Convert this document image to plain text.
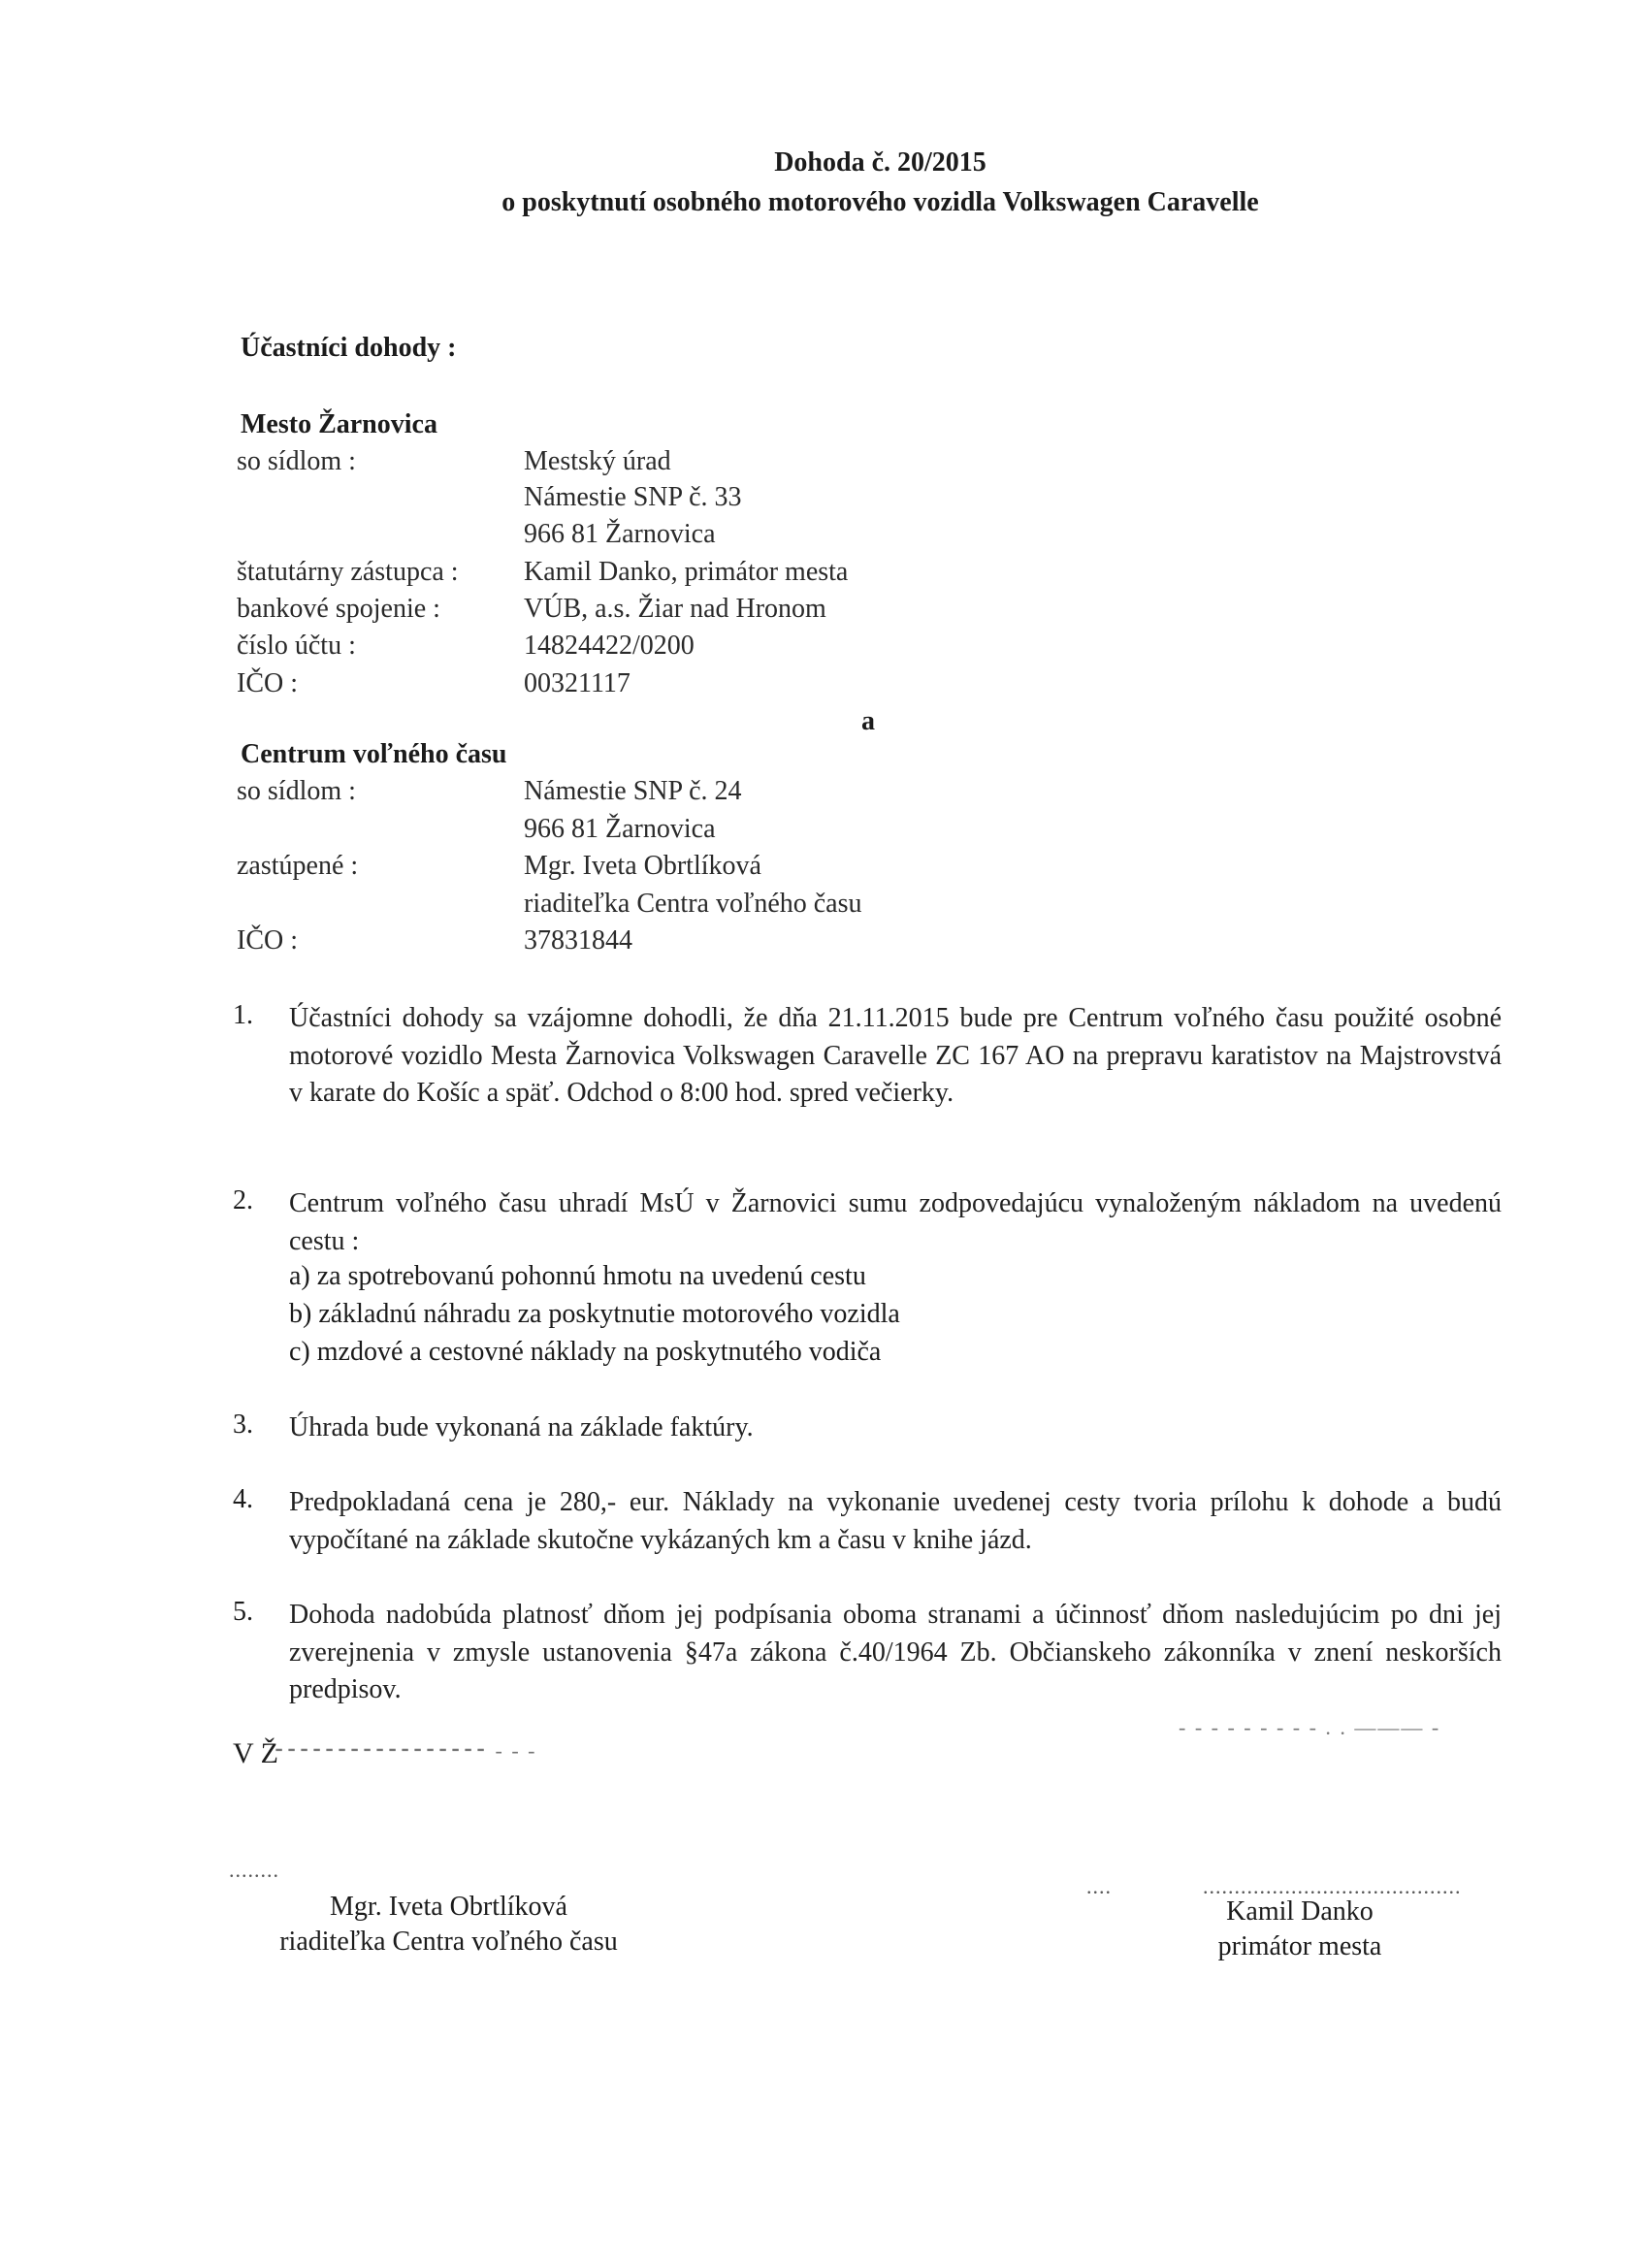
Dohoda č. 20/2015
o poskytnutí osobného motorového vozidla Volkswagen Caravelle
Účastníci dohody :
Mesto Žarnovica
so sídlom :	Mestský úrad
Námestie SNP č. 33
966 81 Žarnovica
štatutárny zástupca : Kamil Danko, primátor mesta
bankové spojenie :	VÚB, a.s. Žiar nad Hronom
číslo účtu :	14824422/0200
IČO :	00321117
a
Centrum voľného času
so sídlom :	Námestie SNP č. 24
966 81 Žarnovica
zastúpené :	Mgr. Iveta Obrtlíková
riaditeľka Centra voľného času
IČO :	37831844
1. Účastníci dohody sa vzájomne dohodli, že dňa 21.11.2015 bude pre Centrum voľného času použité osobné motorové vozidlo Mesta Žarnovica Volkswagen Caravelle ZC 167 AO na prepravu karatistov na Majstrovstvá v karate do Košíc a späť. Odchod o 8:00 hod. spred večierky.
2. Centrum voľného času uhradí MsÚ v Žarnovici sumu zodpovedajúcu vynaloženým nákladom na uvedenú cestu :
a) za spotrebovanú pohonnú hmotu na uvedenú cestu
b) základnú náhradu za poskytnutie motorového vozidla
c) mzdové a cestovné náklady na poskytnutého vodiča
3. Úhrada bude vykonaná na základe faktúry.
4. Predpokladaná cena je 280,- eur. Náklady na vykonanie uvedenej cesty tvoria prílohu k dohode a budú vypočítané na základe skutočne vykázaných km a času v knihe jázd.
5. Dohoda nadobúda platnosť dňom jej podpísania oboma stranami a účinnosť dňom nasledujúcim po dni jej zverejnenia v zmysle ustanovenia §47a zákona č.40/1964 Zb. Občianskeho zákonníka v znení neskorších predpisov.
V Ž
⁃⁃⁃⁃⁃⁃⁃⁃⁃⁃⁃⁃⁃⁃⁃⁃⁃ ‐ ‐ ‐
‐ ‐ ‐ ‐ ‐ ‐ ‐ ‐ ‐ . . ——— ‐
........
....	.........................................
Mgr. Iveta Obrtlíková
riaditeľka Centra voľného času
Kamil Danko
primátor mesta
